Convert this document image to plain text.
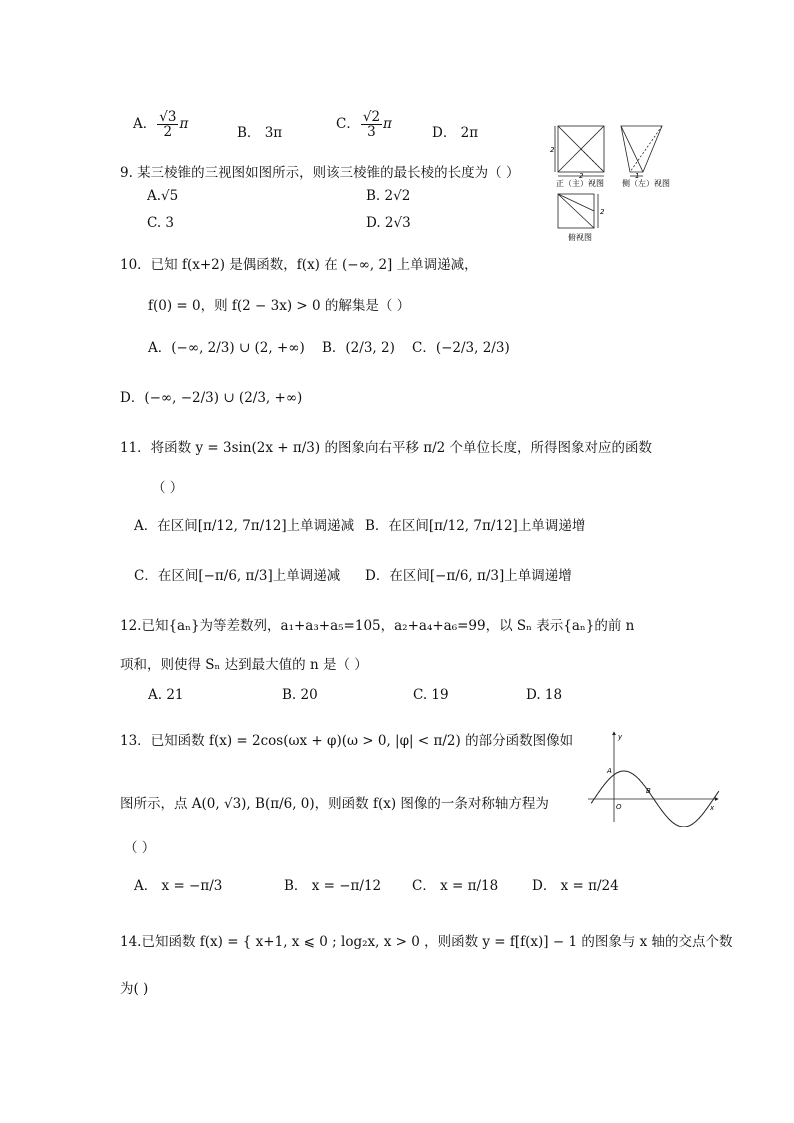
A． $\frac{√3}{2}$ π
B． 3π
C． $\frac{√2}{3}$ π
D． 2π
9. 某三棱锥的三视图如图所示，则该三棱锥的最长棱的长度为（ ）
A.√5	B. 2√2
C. 3	D. 2√3
2
2
正（主）视图
1
侧（左）视图
2
俯视图
10．已知 f(x+2) 是偶函数，f(x) 在 (−∞, 2] 上单调递减，
f(0) = 0，则 f(2 − 3x) > 0 的解集是（ ）
A．(−∞, 2/3) ∪ (2, +∞) B．(2/3, 2) C．(−2/3, 2/3)
D．(−∞, −2/3) ∪ (2/3, +∞)
11．将函数 y = 3sin(2x + π/3) 的图象向右平移 π/2 个单位长度，所得图象对应的函数
（ ）
A．在区间[π/12, 7π/12]上单调递减 B．在区间[π/12, 7π/12]上单调递增
C．在区间[−π/6, π/3]上单调递减 D．在区间[−π/6, π/3]上单调递增
12.已知{aₙ}为等差数列，a₁+a₃+a₅=105，a₂+a₄+a₆=99，以 Sₙ 表示{aₙ}的前 n
项和，则使得 Sₙ 达到最大值的 n 是（ ）
A. 21	B. 20	C. 19	D. 18
13．已知函数 f(x) = 2cos(ωx + φ)(ω > 0, |φ| < π/2) 的部分函数图像如
图所示，点 A(0, √3), B(π/6, 0)，则函数 f(x) 图像的一条对称轴方程为
（ ）
A． x = −π/3	B． x = −π/12 C． x = π/18	D． x = π/24
y
x
O
A
B
14.已知函数 f(x) = { x+1, x ⩽ 0 ; log₂x, x > 0 ，则函数 y = f[f(x)] − 1 的图象与 x 轴的交点个数
为( )
